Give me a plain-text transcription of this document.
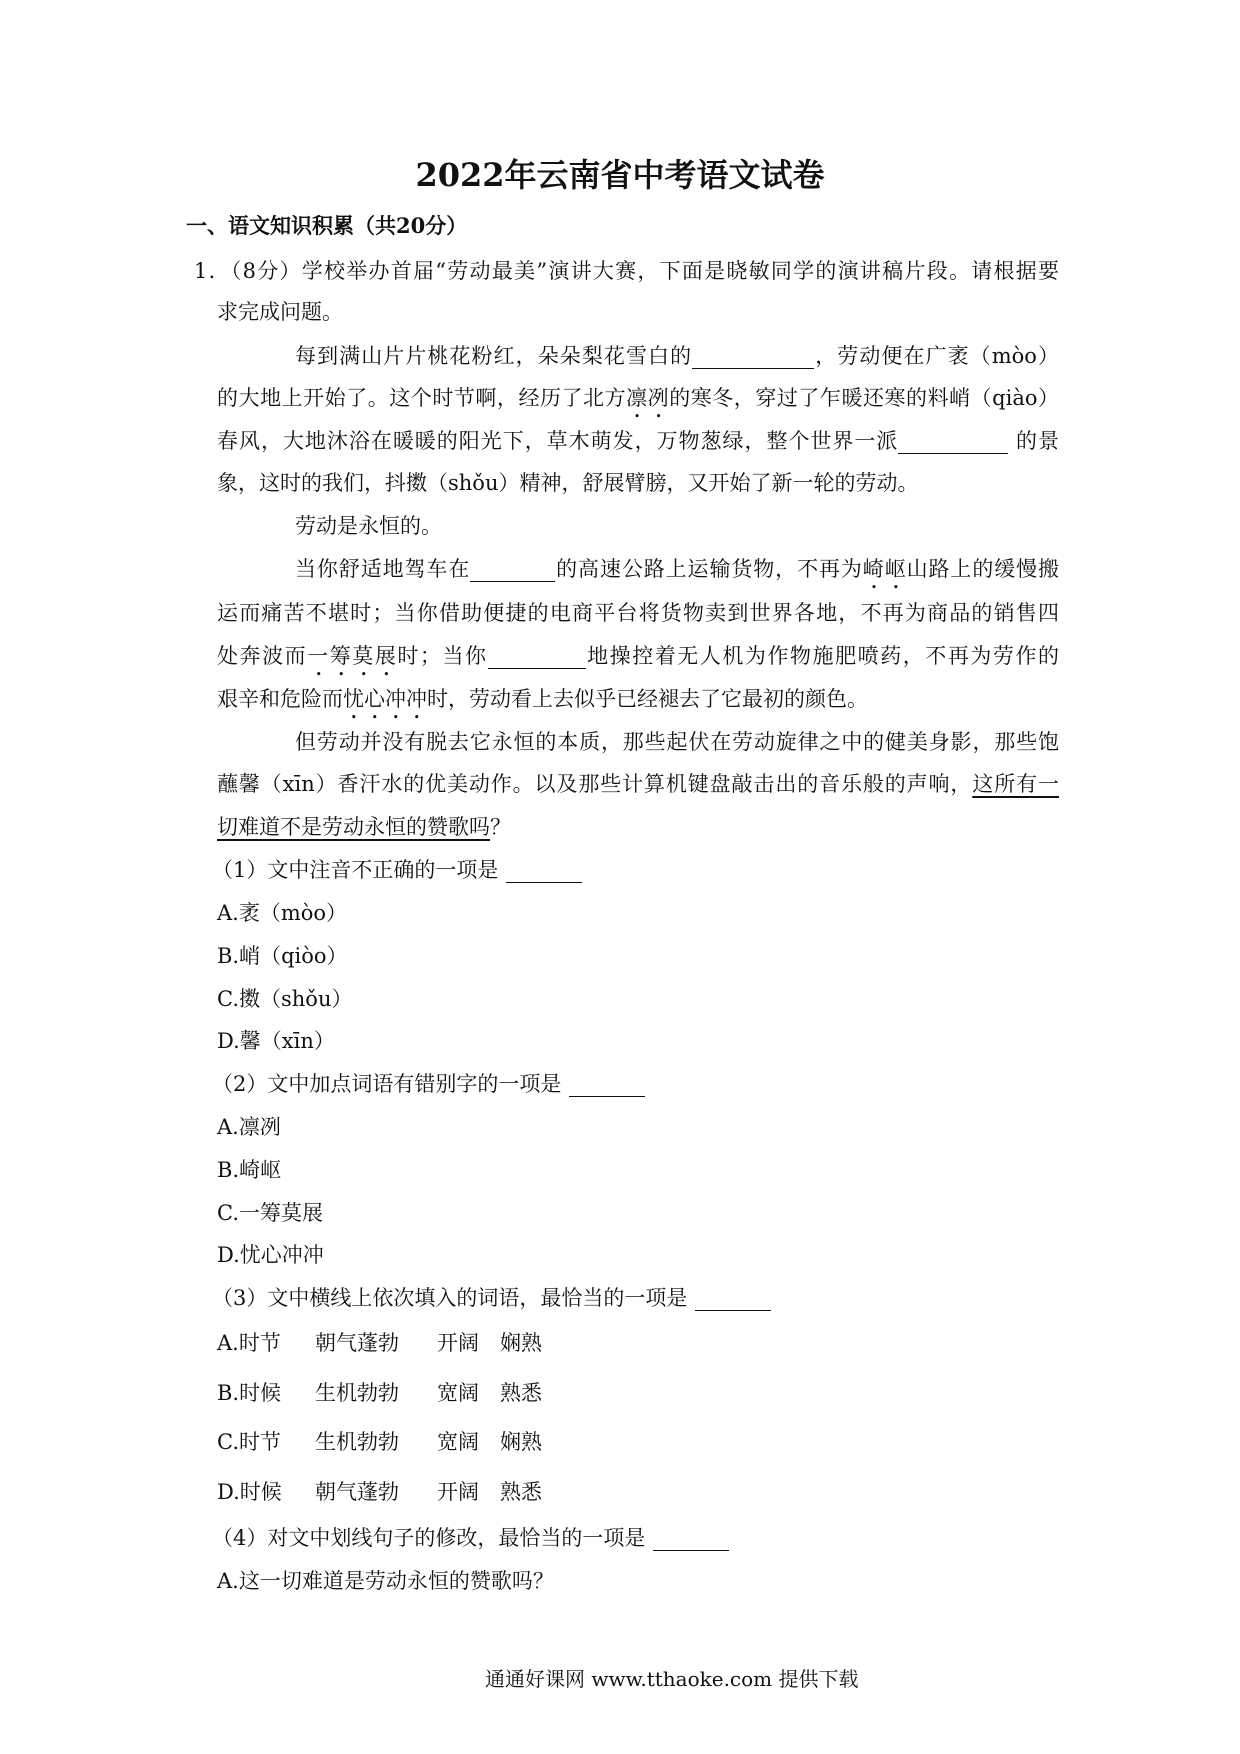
2022年云南省中考语文试卷
一、语文知识积累（共20分）
1．（8分）学校举办首届“劳动最美”演讲大赛，下面是晓敏同学的演讲稿片段。请根据要
求完成问题。
每到满山片片桃花粉红，朵朵梨花雪白的	，劳动便在广袤（mòo）
的大地上开始了。这个时节啊，经历了北方凛冽的寒冬，穿过了乍暖还寒的料峭（qiào）
春风，大地沐浴在暖暖的阳光下，草木萌发，万物葱绿，整个世界一派	的景
象，这时的我们，抖擞（shǒu）精神，舒展臂膀，又开始了新一轮的劳动。
劳动是永恒的。
当你舒适地驾车在	的高速公路上运输货物，不再为崎岖山路上的缓慢搬
运而痛苦不堪时；当你借助便捷的电商平台将货物卖到世界各地，不再为商品的销售四
处奔波而一筹莫展时；当你	地操控着无人机为作物施肥喷药，不再为劳作的
艰辛和危险而忧心冲冲时，劳动看上去似乎已经褪去了它最初的颜色。
但劳动并没有脱去它永恒的本质，那些起伏在劳动旋律之中的健美身影，那些饱
蘸馨（xīn）香汗水的优美动作。以及那些计算机键盘敲击出的音乐般的声响，这所有一
切难道不是劳动永恒的赞歌吗？
（1）文中注音不正确的一项是
A.袤（mòo）
B.峭（qiòo）
C.擞（shǒu）
D.馨（xīn）
（2）文中加点词语有错别字的一项是
A.凛冽
B.崎岖
C.一筹莫展
D.忧心冲冲
（3）文中横线上依次填入的词语，最恰当的一项是
A.时节 朝气蓬勃 开阔 娴熟
B.时候 生机勃勃 宽阔 熟悉
C.时节 生机勃勃 宽阔 娴熟
D.时候 朝气蓬勃 开阔 熟悉
（4）对文中划线句子的修改，最恰当的一项是
A.这一切难道是劳动永恒的赞歌吗？
通通好课网 www.tthaoke.com 提供下载
